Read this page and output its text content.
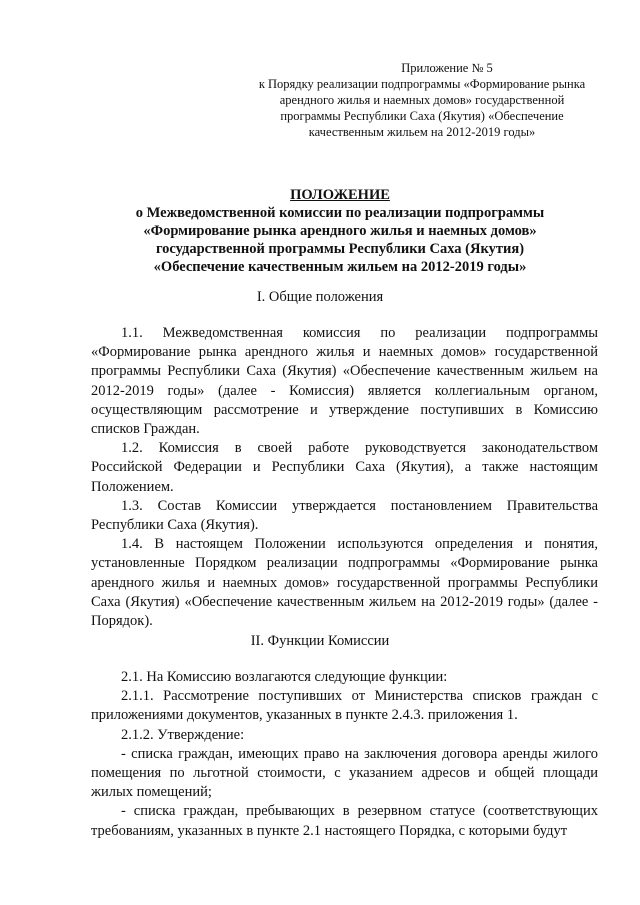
Приложение № 5
к Порядку реализации подпрограммы «Формирование рынка
арендного жилья и наемных домов» государственной
программы Республики Саха (Якутия) «Обеспечение
качественным жильем на 2012-2019 годы»
ПОЛОЖЕНИЕ
о Межведомственной комиссии по реализации подпрограммы
«Формирование рынка арендного жилья и наемных домов»
государственной программы Республики Саха (Якутия)
«Обеспечение качественным жильем на 2012-2019 годы»
I. Общие положения

1.1. Межведомственная комиссия по реализации подпрограммы «Формирование рынка арендного жилья и наемных домов» государственной программы Республики Саха (Якутия) «Обеспечение качественным жильем на 2012-2019 годы» (далее - Комиссия) является коллегиальным органом, осуществляющим рассмотрение и утверждение поступивших в Комиссию списков Граждан.

1.2. Комиссия в своей работе руководствуется законодательством Российской Федерации и Республики Саха (Якутия), а также настоящим Положением.

1.3. Состав Комиссии утверждается постановлением Правительства Республики Саха (Якутия).

1.4. В настоящем Положении используются определения и понятия, установленные Порядком реализации подпрограммы «Формирование рынка арендного жилья и наемных домов» государственной программы Республики Саха (Якутия) «Обеспечение качественным жильем на 2012-2019 годы» (далее - Порядок).

II. Функции Комиссии

2.1. На Комиссию возлагаются следующие функции:

2.1.1. Рассмотрение поступивших от Министерства списков граждан с приложениями документов, указанных в пункте 2.4.3. приложения 1.

2.1.2. Утверждение:

- списка граждан, имеющих право на заключения договора аренды жилого помещения по льготной стоимости, с указанием адресов и общей площади жилых помещений;

- списка граждан, пребывающих в резервном статусе (соответствующих требованиям, указанных в пункте 2.1 настоящего Порядка, с которыми будут
